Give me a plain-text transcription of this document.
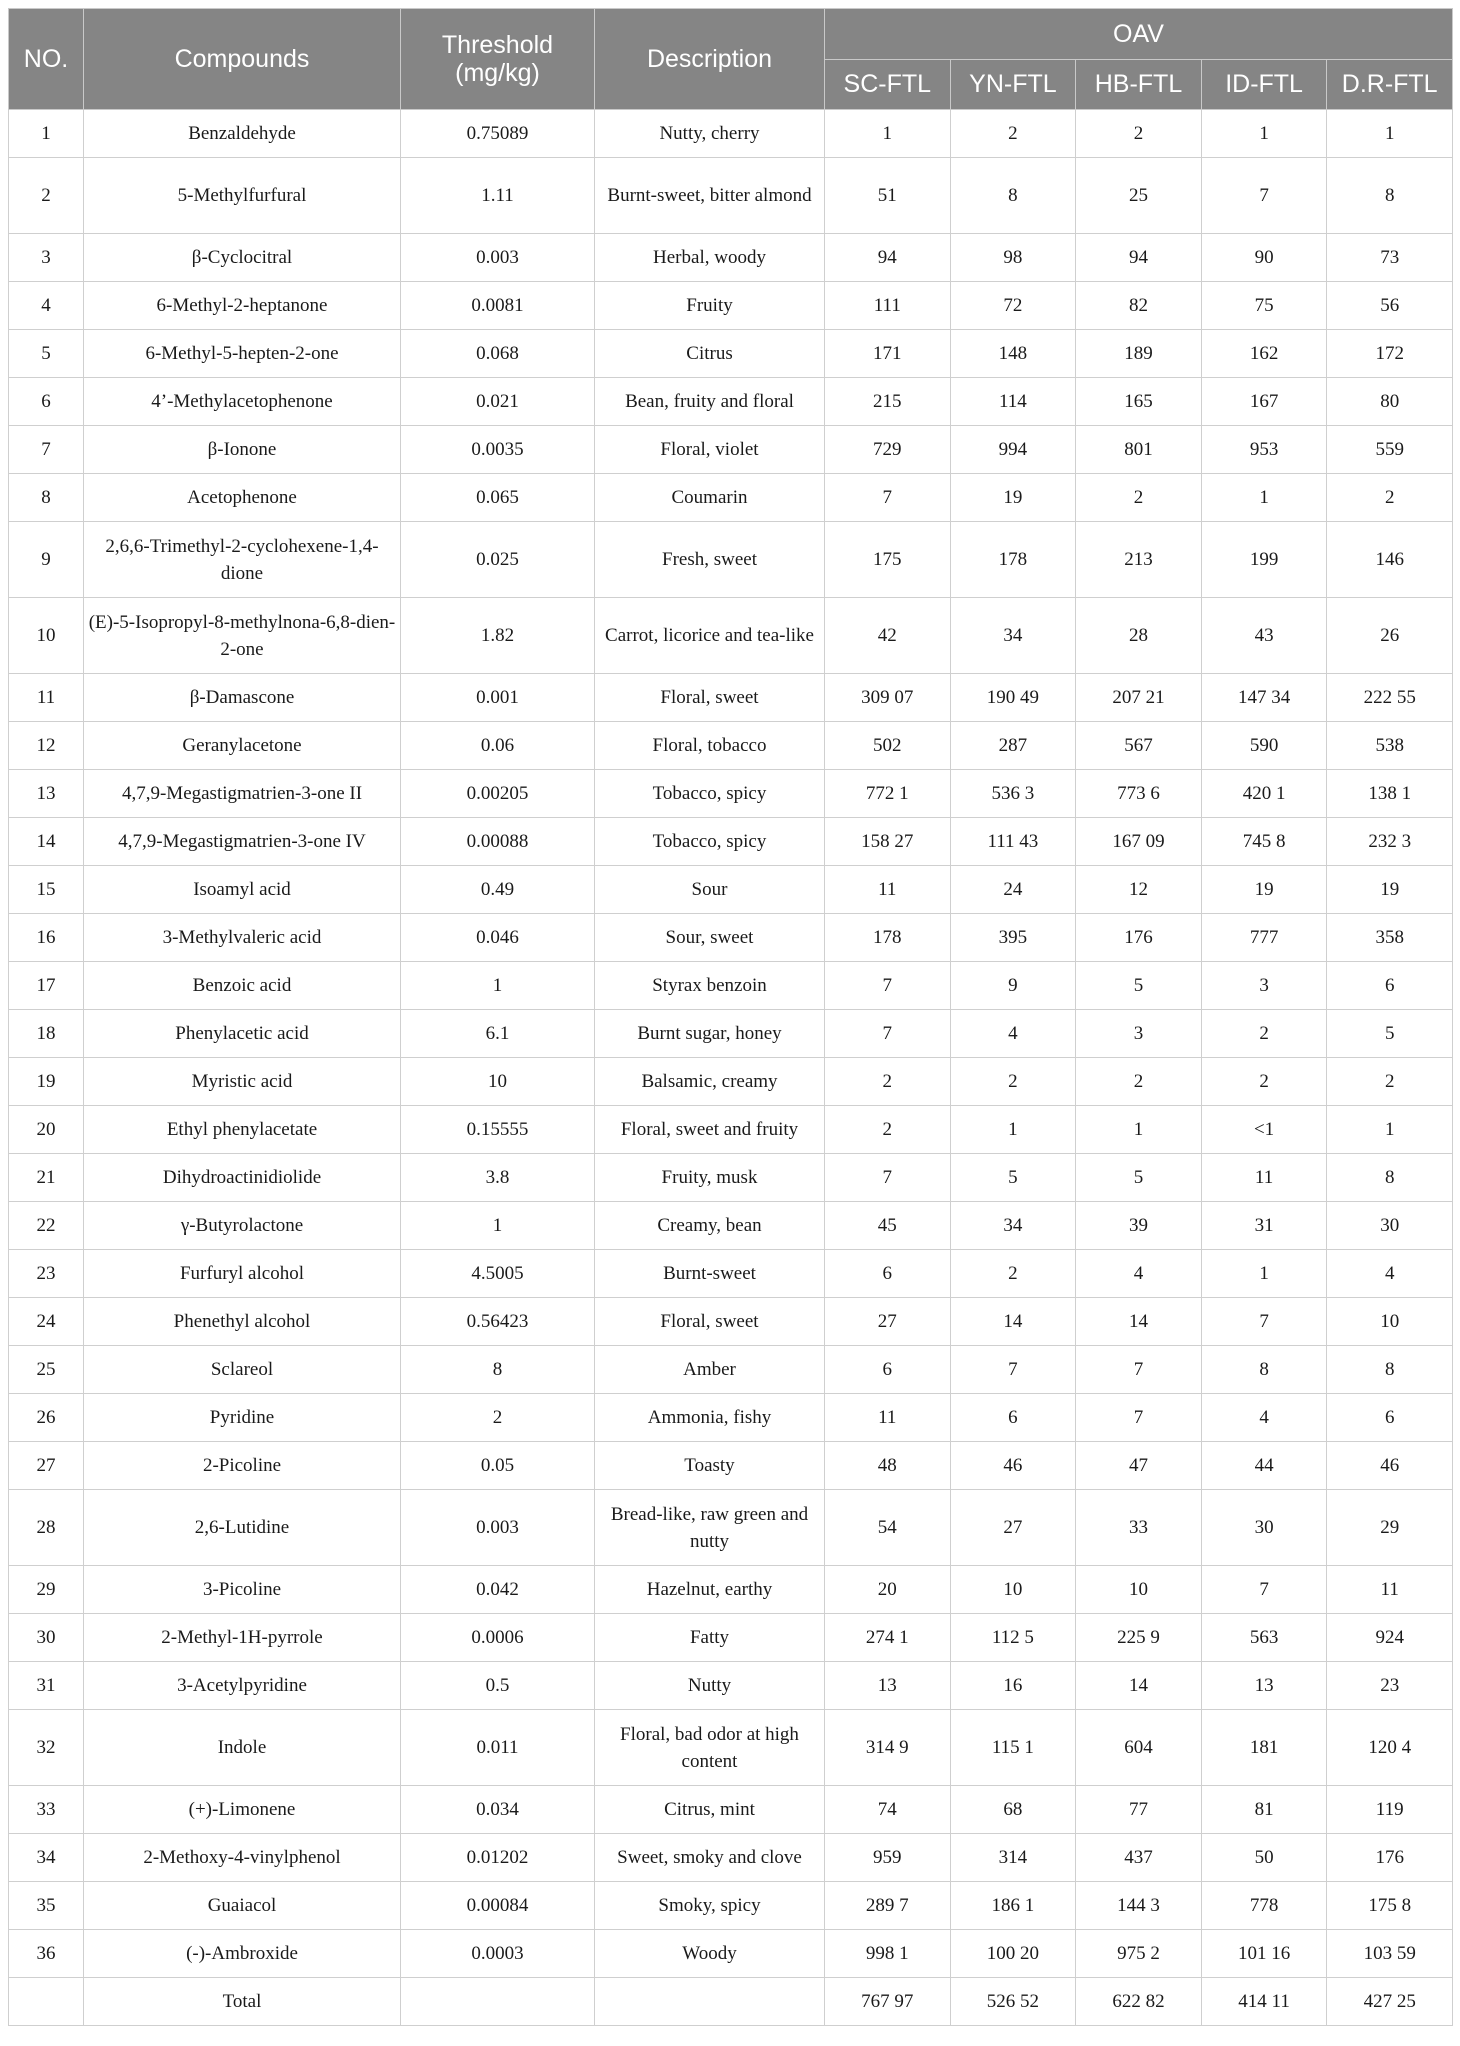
NO.	Compounds	Threshold (mg/kg)	Description	OAV				
				SC-FTL	YN-FTL	HB-FTL	ID-FTL	D.R-FTL
1	Benzaldehyde	0.75089	Nutty, cherry	1	2	2	1	1
2	5-Methylfurfural	1.11	Burnt-sweet, bitter almond	51	8	25	7	8
3	β-Cyclocitral	0.003	Herbal, woody	94	98	94	90	73
4	6-Methyl-2-heptanone	0.0081	Fruity	111	72	82	75	56
5	6-Methyl-5-hepten-2-one	0.068	Citrus	171	148	189	162	172
6	4’-Methylacetophenone	0.021	Bean, fruity and floral	215	114	165	167	80
7	β-Ionone	0.0035	Floral, violet	729	994	801	953	559
8	Acetophenone	0.065	Coumarin	7	19	2	1	2
9	2,6,6-Trimethyl-2-cyclohexene-1,4-dione	0.025	Fresh, sweet	175	178	213	199	146
10	(E)-5-Isopropyl-8-methylnona-6,8-dien-2-one	1.82	Carrot, licorice and tea-like	42	34	28	43	26
11	β-Damascone	0.001	Floral, sweet	309 07	190 49	207 21	147 34	222 55
12	Geranylacetone	0.06	Floral, tobacco	502	287	567	590	538
13	4,7,9-Megastigmatrien-3-one II	0.00205	Tobacco, spicy	772 1	536 3	773 6	420 1	138 1
14	4,7,9-Megastigmatrien-3-one IV	0.00088	Tobacco, spicy	158 27	111 43	167 09	745 8	232 3
15	Isoamyl acid	0.49	Sour	11	24	12	19	19
16	3-Methylvaleric acid	0.046	Sour, sweet	178	395	176	777	358
17	Benzoic acid	1	Styrax benzoin	7	9	5	3	6
18	Phenylacetic acid	6.1	Burnt sugar, honey	7	4	3	2	5
19	Myristic acid	10	Balsamic, creamy	2	2	2	2	2
20	Ethyl phenylacetate	0.15555	Floral, sweet and fruity	2	1	1	<1	1
21	Dihydroactinidiolide	3.8	Fruity, musk	7	5	5	11	8
22	γ-Butyrolactone	1	Creamy, bean	45	34	39	31	30
23	Furfuryl alcohol	4.5005	Burnt-sweet	6	2	4	1	4
24	Phenethyl alcohol	0.56423	Floral, sweet	27	14	14	7	10
25	Sclareol	8	Amber	6	7	7	8	8
26	Pyridine	2	Ammonia, fishy	11	6	7	4	6
27	2-Picoline	0.05	Toasty	48	46	47	44	46
28	2,6-Lutidine	0.003	Bread-like, raw green and nutty	54	27	33	30	29
29	3-Picoline	0.042	Hazelnut, earthy	20	10	10	7	11
30	2-Methyl-1H-pyrrole	0.0006	Fatty	274 1	112 5	225 9	563	924
31	3-Acetylpyridine	0.5	Nutty	13	16	14	13	23
32	Indole	0.011	Floral, bad odor at high content	314 9	115 1	604	181	120 4
33	(+)-Limonene	0.034	Citrus, mint	74	68	77	81	119
34	2-Methoxy-4-vinylphenol	0.01202	Sweet, smoky and clove	959	314	437	50	176
35	Guaiacol	0.00084	Smoky, spicy	289 7	186 1	144 3	778	175 8
36	(-)-Ambroxide	0.0003	Woody	998 1	100 20	975 2	101 16	103 59
	Total			767 97	526 52	622 82	414 11	427 25
